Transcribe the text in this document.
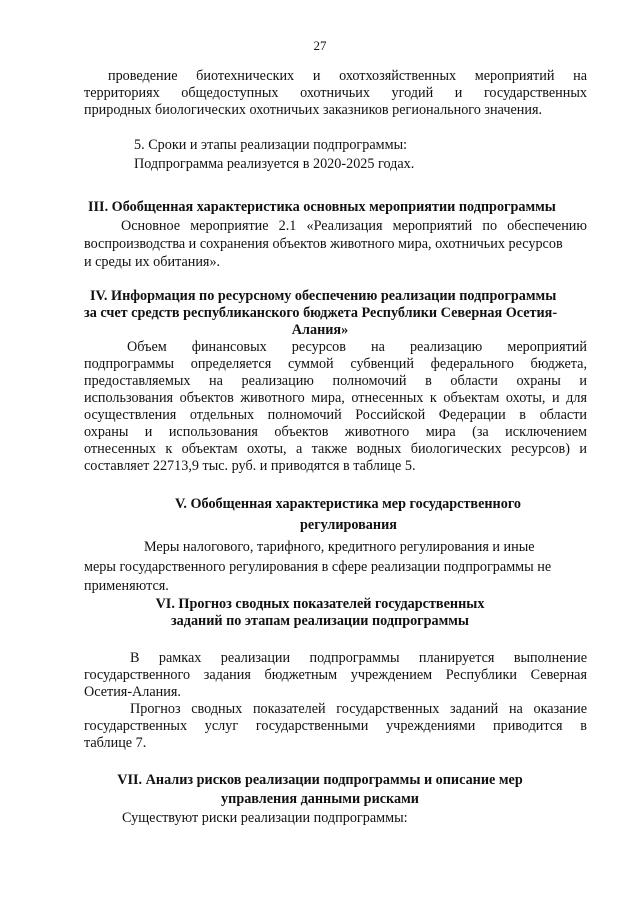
27
проведение биотехнических и охотхозяйственных мероприятий на
территориях общедоступных охотничьих угодий и государственных
природных биологических охотничьих заказников регионального значения.
5. Сроки и этапы реализации подпрограммы:
Подпрограмма реализуется в 2020-2025 годах.
III. Обобщенная характеристика основных мероприятии подпрограммы
Основное мероприятие 2.1 «Реализация мероприятий по обеспечению
воспроизводства и сохранения объектов животного мира, охотничьих ресурсов
и среды их обитания».
IV. Информация по ресурсному обеспечению реализации подпрограммы
за счет средств республиканского бюджета Республики Северная Осетия-
Алания»
Объем финансовых ресурсов на реализацию мероприятий
подпрограммы определяется суммой субвенций федерального бюджета,
предоставляемых на реализацию полномочий в области охраны и
использования объектов животного мира, отнесенных к объектам охоты, и для
осуществления отдельных полномочий Российской Федерации в области
охраны и использования объектов животного мира (за исключением
отнесенных к объектам охоты, а также водных биологических ресурсов) и
составляет 22713,9 тыс. руб. и приводятся в таблице 5.
V. Обобщенная характеристика мер государственного
регулирования
Меры налогового, тарифного, кредитного регулирования и иные
меры государственного регулирования в сфере реализации подпрограммы не
применяются.
VI. Прогноз сводных показателей государственных
заданий по этапам реализации подпрограммы
В рамках реализации подпрограммы планируется выполнение
государственного задания бюджетным учреждением Республики Северная
Осетия-Алания.
Прогноз сводных показателей государственных заданий на оказание
государственных услуг государственными учреждениями приводится в
таблице 7.
VII. Анализ рисков реализации подпрограммы и описание мер
управления данными рисками
Существуют риски реализации подпрограммы:
